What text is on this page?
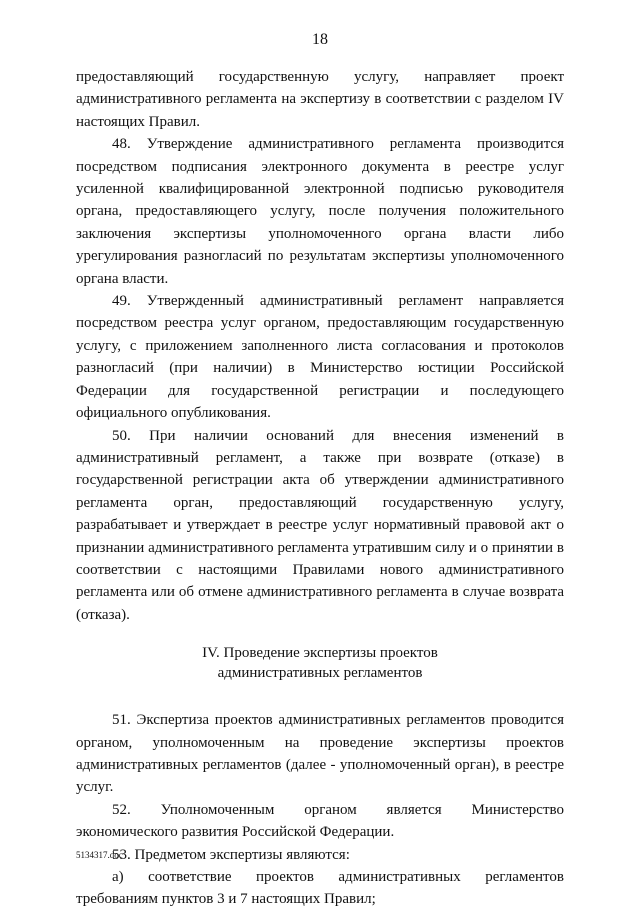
18

предоставляющий государственную услугу, направляет проект административного регламента на экспертизу в соответствии с разделом IV настоящих Правил.

48. Утверждение административного регламента производится посредством подписания электронного документа в реестре услуг усиленной квалифицированной электронной подписью руководителя органа, предоставляющего услугу, после получения положительного заключения экспертизы уполномоченного органа власти либо урегулирования разногласий по результатам экспертизы уполномоченного органа власти.

49. Утвержденный административный регламент направляется посредством реестра услуг органом, предоставляющим государственную услугу, с приложением заполненного листа согласования и протоколов разногласий (при наличии) в Министерство юстиции Российской Федерации для государственной регистрации и последующего официального опубликования.

50. При наличии оснований для внесения изменений в административный регламент, а также при возврате (отказе) в государственной регистрации акта об утверждении административного регламента орган, предоставляющий государственную услугу, разрабатывает и утверждает в реестре услуг нормативный правовой акт о признании административного регламента утратившим силу и о принятии в соответствии с настоящими Правилами нового административного регламента или об отмене административного регламента в случае возврата (отказа).

IV. Проведение экспертизы проектов
административных регламентов

51. Экспертиза проектов административных регламентов проводится органом, уполномоченным на проведение экспертизы проектов административных регламентов (далее - уполномоченный орган), в реестре услуг.

52. Уполномоченным органом является Министерство экономического развития Российской Федерации.

53. Предметом экспертизы являются:

а) соответствие проектов административных регламентов требованиям пунктов 3 и 7 настоящих Правил;

5134317.doc
